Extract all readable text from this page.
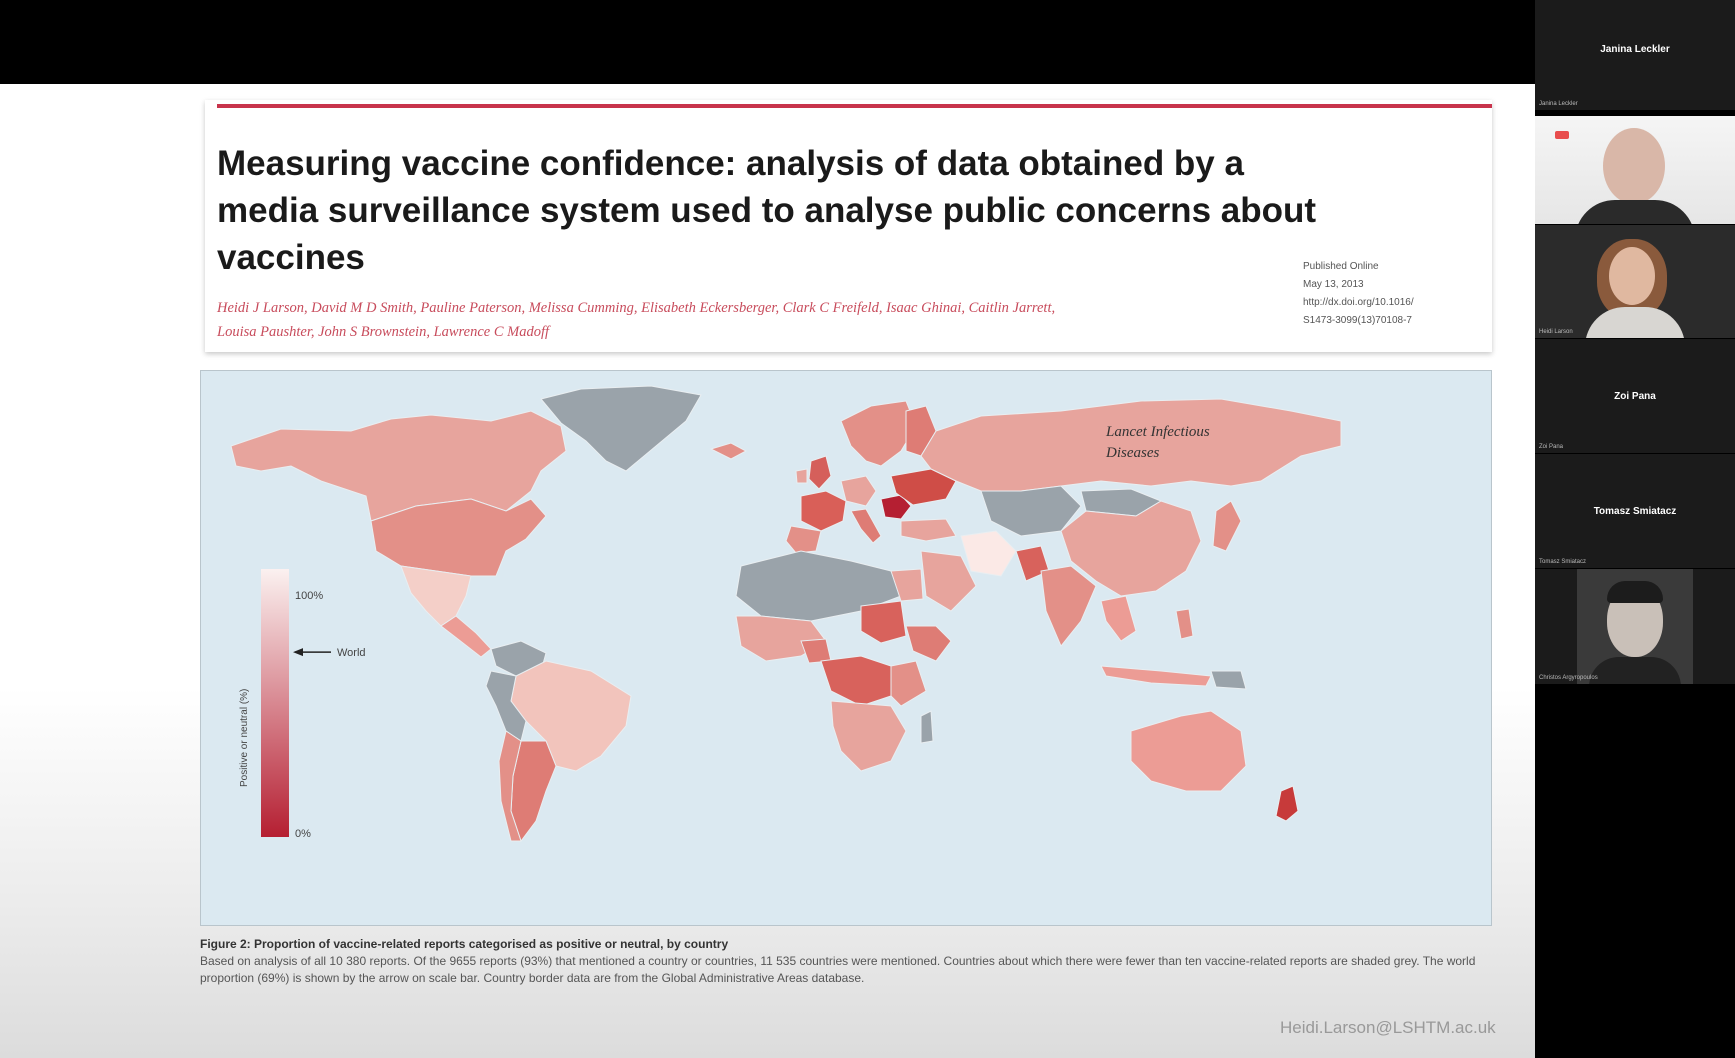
Measuring vaccine confidence: analysis of data obtained by a media surveillance system used to analyse public concerns about vaccines
Heidi J Larson, David M D Smith, Pauline Paterson, Melissa Cumming, Elisabeth Eckersberger, Clark C Freifeld, Isaac Ghinai, Caitlin Jarrett,
Louisa Paushter, John S Brownstein, Lawrence C Madoff
Published Online
May 13, 2013
http://dx.doi.org/10.1016/
S1473-3099(13)70108-7
100%
0%
World
Positive or neutral (%)
Lancet Infectious
Diseases
Figure 2: Proportion of vaccine-related reports categorised as positive or neutral, by country
Based on analysis of all 10 380 reports. Of the 9655 reports (93%) that mentioned a country or countries, 11 535 countries were mentioned. Countries about which there were fewer than ten vaccine-related reports are shaded grey. The world proportion (69%) is shown by the arrow on scale bar. Country border data are from the Global Administrative Areas database.
Heidi.Larson@LSHTM.ac.uk
Janina Leckler
Janina Leckler
Heidi Larson
Zoi Pana
Zoi Pana
Tomasz Smiatacz
Tomasz Smiatacz
Christos Argyropoulos
